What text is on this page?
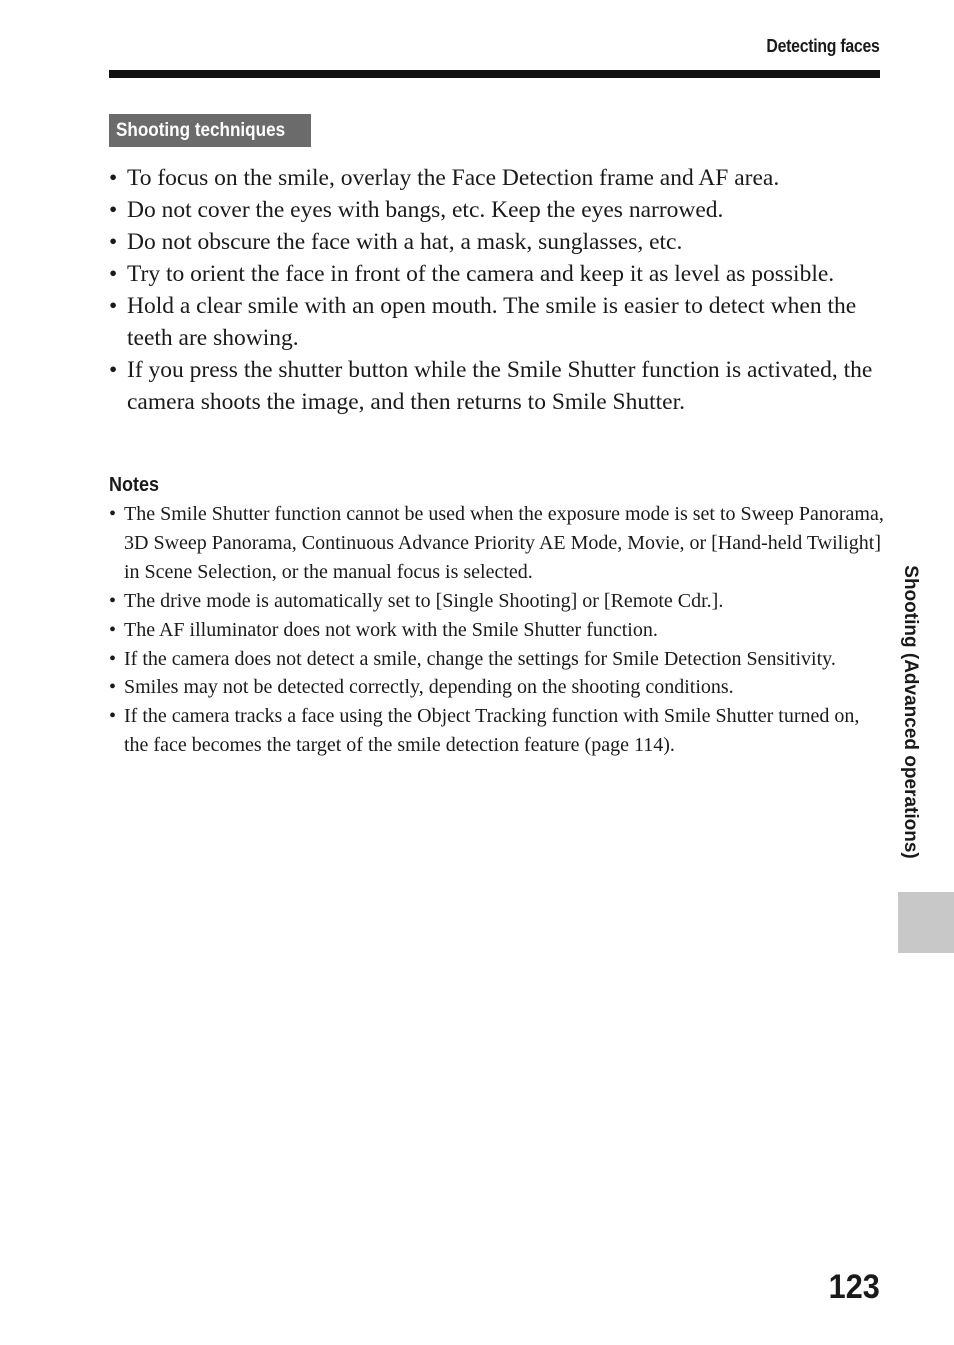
Detecting faces
Shooting techniques
• To focus on the smile, overlay the Face Detection frame and AF area.
• Do not cover the eyes with bangs, etc. Keep the eyes narrowed.
• Do not obscure the face with a hat, a mask, sunglasses, etc.
• Try to orient the face in front of the camera and keep it as level as possible.
• Hold a clear smile with an open mouth. The smile is easier to detect when the teeth are showing.
• If you press the shutter button while the Smile Shutter function is activated, the camera shoots the image, and then returns to Smile Shutter.
Notes
• The Smile Shutter function cannot be used when the exposure mode is set to Sweep Panorama, 3D Sweep Panorama, Continuous Advance Priority AE Mode, Movie, or [Hand-held Twilight] in Scene Selection, or the manual focus is selected.
• The drive mode is automatically set to [Single Shooting] or [Remote Cdr.].
• The AF illuminator does not work with the Smile Shutter function.
• If the camera does not detect a smile, change the settings for Smile Detection Sensitivity.
• Smiles may not be detected correctly, depending on the shooting conditions.
• If the camera tracks a face using the Object Tracking function with Smile Shutter turned on, the face becomes the target of the smile detection feature (page 114).	Shooting (Advanced operations)
123
